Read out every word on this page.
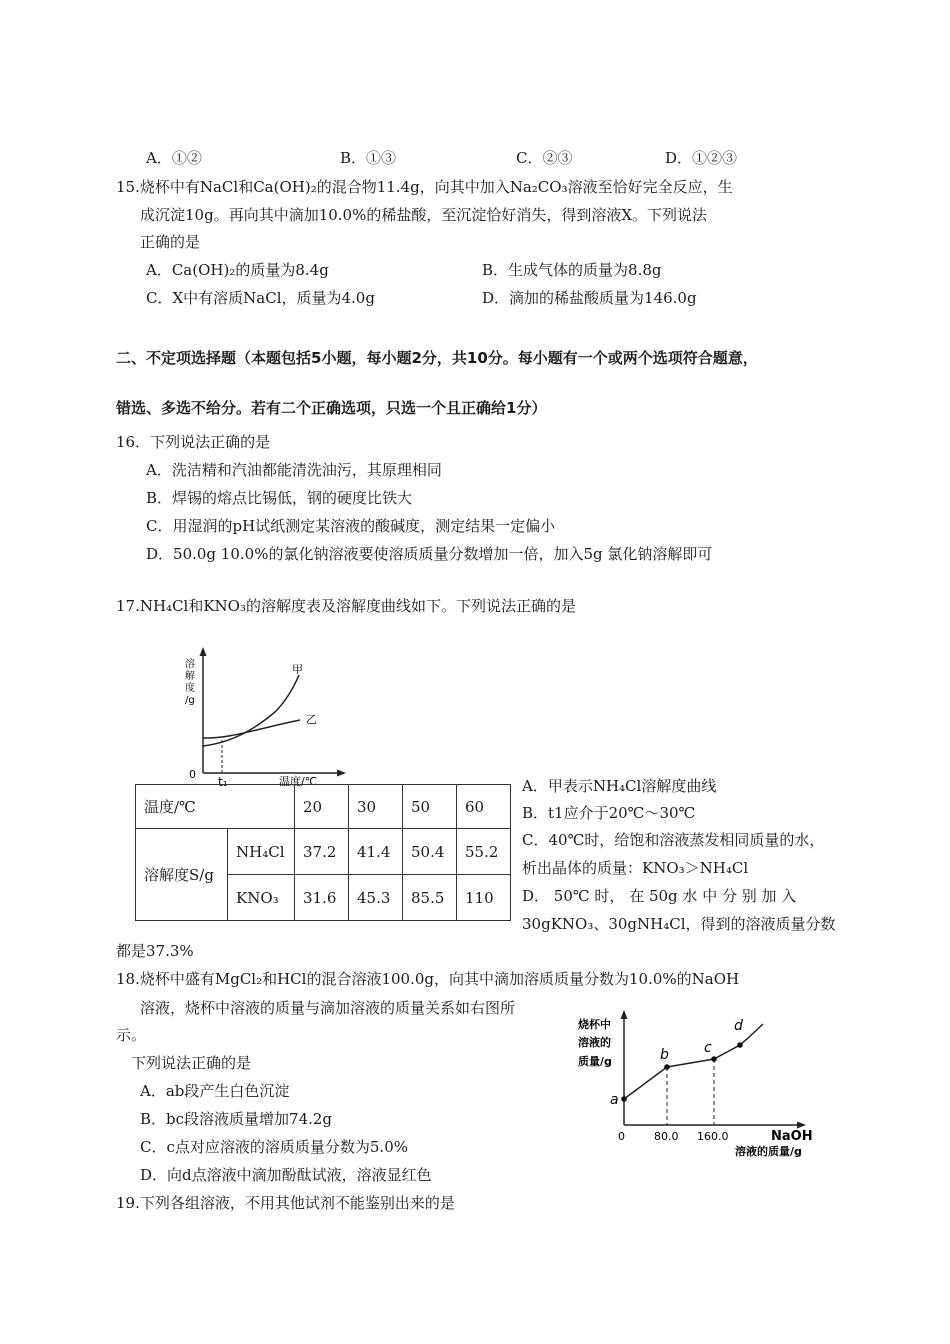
A．①②	B．①③	C．②③	D．①②③
15.烧杯中有NaCl和Ca(OH)₂的混合物11.4g，向其中加入Na₂CO₃溶液至恰好完全反应，生
成沉淀10g。再向其中滴加10.0%的稀盐酸，至沉淀恰好消失，得到溶液X。下列说法
正确的是
A．Ca(OH)₂的质量为8.4g	B．生成气体的质量为8.8g
C．X中有溶质NaCl，质量为4.0g	D．滴加的稀盐酸质量为146.0g
二、不定项选择题（本题包括5小题，每小题2分，共10分。每小题有一个或两个选项符合题意，
错选、多选不给分。若有二个正确选项，只选一个且正确给1分）
16．下列说法正确的是
A．洗洁精和汽油都能清洗油污，其原理相同
B．焊锡的熔点比锡低，钢的硬度比铁大
C．用湿润的pH试纸测定某溶液的酸碱度，测定结果一定偏小
D．50.0g 10.0%的氯化钠溶液要使溶质质量分数增加一倍，加入5g 氯化钠溶解即可
17.NH₄Cl和KNO₃的溶解度表及溶解度曲线如下。下列说法正确的是
溶
解
度
/g
甲
乙
0
t₁	温度/℃
温度/℃		20	30	50	60
溶解度S/g	NH₄Cl	37.2	41.4	50.4	55.2
	KNO₃	31.6	45.3	85.5	110
A．甲表示NH₄Cl溶解度曲线
B．t1应介于20℃～30℃
C．40℃时，给饱和溶液蒸发相同质量的水，
析出晶体的质量：KNO₃＞NH₄Cl
D． 50℃ 时， 在 50g 水 中 分 别 加 入
30gKNO₃、30gNH₄Cl，得到的溶液质量分数
都是37.3%
18.烧杯中盛有MgCl₂和HCl的混合溶液100.0g，向其中滴加溶质质量分数为10.0%的NaOH
溶液，烧杯中溶液的质量与滴加溶液的质量关系如右图所
示。
下列说法正确的是
A．ab段产生白色沉淀
B．bc段溶液质量增加74.2g
C．c点对应溶液的溶质质量分数为5.0%
D．向d点溶液中滴加酚酞试液，溶液显红色
烧杯中
溶液的
质量/g
a
b	c
d
0	80.0 160.0	NaOH
溶液的质量/g
19.下列各组溶液，不用其他试剂不能鉴别出来的是
